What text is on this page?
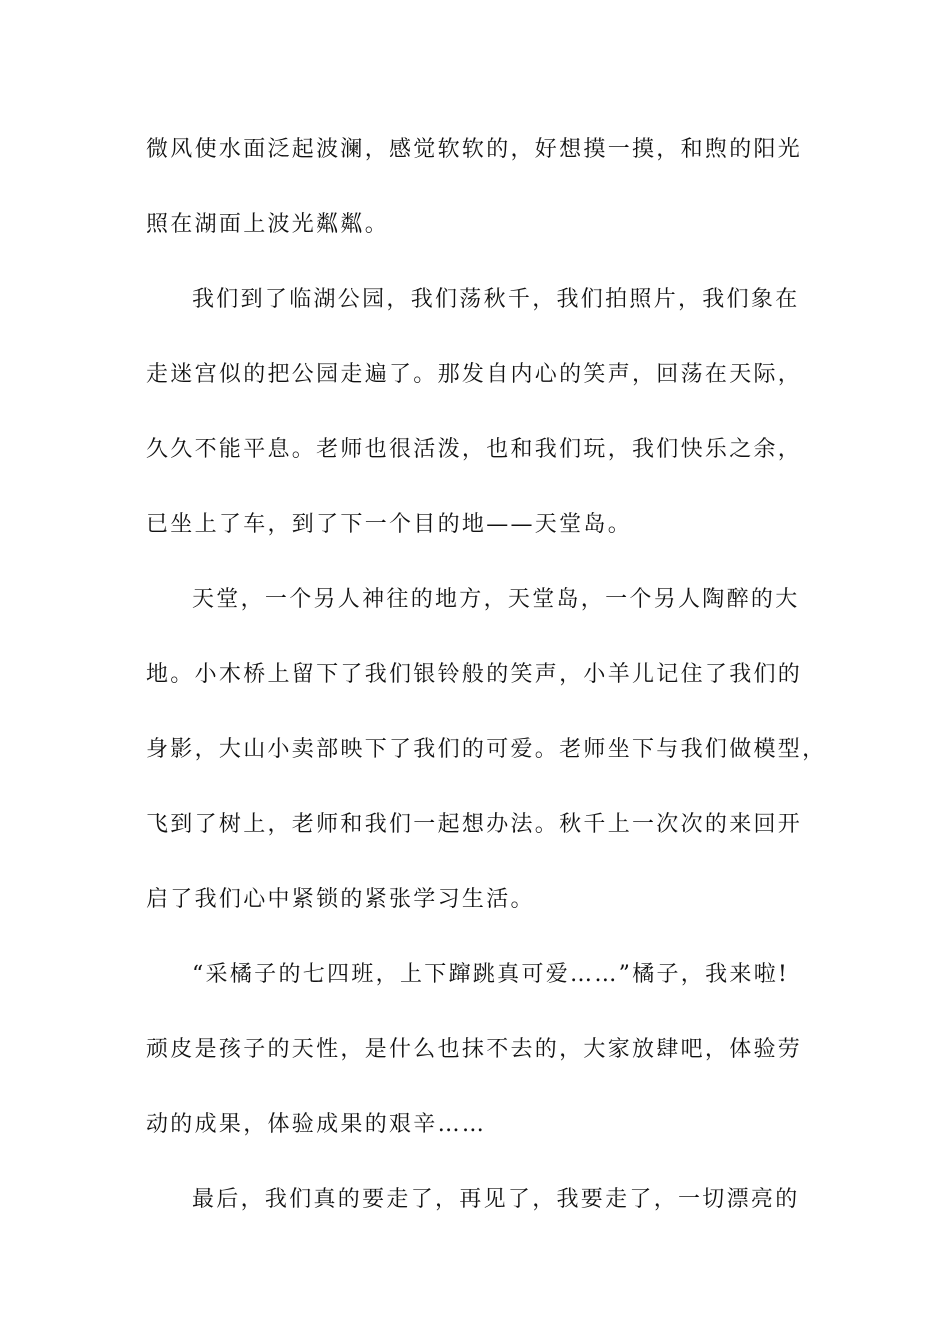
微风使水面泛起波澜，感觉软软的，好想摸一摸，和煦的阳光
照在湖面上波光粼粼。
我们到了临湖公园，我们荡秋千，我们拍照片，我们象在
走迷宫似的把公园走遍了。那发自内心的笑声，回荡在天际，
久久不能平息。老师也很活泼，也和我们玩，我们快乐之余，
已坐上了车，到了下一个目的地——天堂岛。
天堂，一个另人神往的地方，天堂岛，一个另人陶醉的大
地。小木桥上留下了我们银铃般的笑声，小羊儿记住了我们的
身影，大山小卖部映下了我们的可爱。老师坐下与我们做模型，
飞到了树上，老师和我们一起想办法。秋千上一次次的来回开
启了我们心中紧锁的紧张学习生活。
“采橘子的七四班，上下蹿跳真可爱……”橘子，我来啦!
顽皮是孩子的天性，是什么也抹不去的，大家放肆吧，体验劳
动的成果，体验成果的艰辛……
最后，我们真的要走了，再见了，我要走了，一切漂亮的
